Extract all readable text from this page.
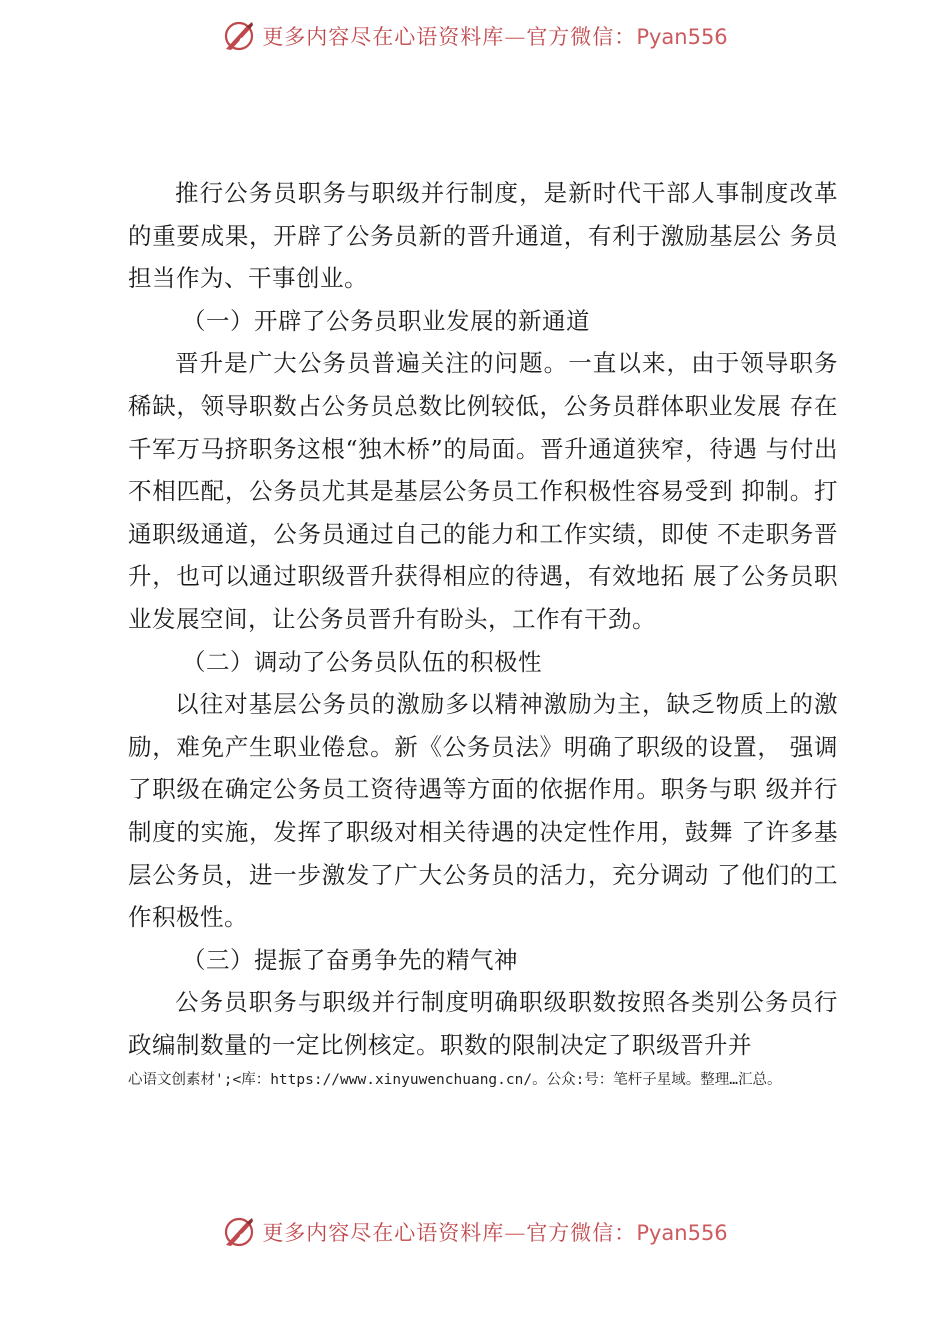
更多内容尽在心语资料库—官方微信：Pyan556

推行公务员职务与职级并行制度，是新时代干部人事制度改革的重要成果，开辟了公务员新的晋升通道，有利于激励基层公 务员担当作为、干事创业。

（一）开辟了公务员职业发展的新通道

晋升是广大公务员普遍关注的问题。一直以来，由于领导职务稀缺，领导职数占公务员总数比例较低，公务员群体职业发展 存在千军万马挤职务这根“独木桥”的局面。晋升通道狭窄，待遇 与付出不相匹配，公务员尤其是基层公务员工作积极性容易受到 抑制。打通职级通道，公务员通过自己的能力和工作实绩，即使 不走职务晋升，也可以通过职级晋升获得相应的待遇，有效地拓 展了公务员职业发展空间，让公务员晋升有盼头，工作有干劲。

（二）调动了公务员队伍的积极性

以往对基层公务员的激励多以精神激励为主，缺乏物质上的激励，难免产生职业倦怠。新《公务员法》明确了职级的设置， 强调了职级在确定公务员工资待遇等方面的依据作用。职务与职 级并行制度的实施，发挥了职级对相关待遇的决定性作用，鼓舞 了许多基层公务员，进一步激发了广大公务员的活力，充分调动 了他们的工作积极性。

（三）提振了奋勇争先的精气神

公务员职务与职级并行制度明确职级职数按照各类别公务员行政编制数量的一定比例核定。职数的限制决定了职级晋升并

心语文创素材';<库：https://www.xinyuwenchuang.cn/。公众:号：笔杆子星域。整理…汇总。
更多内容尽在心语资料库—官方微信：Pyan556
